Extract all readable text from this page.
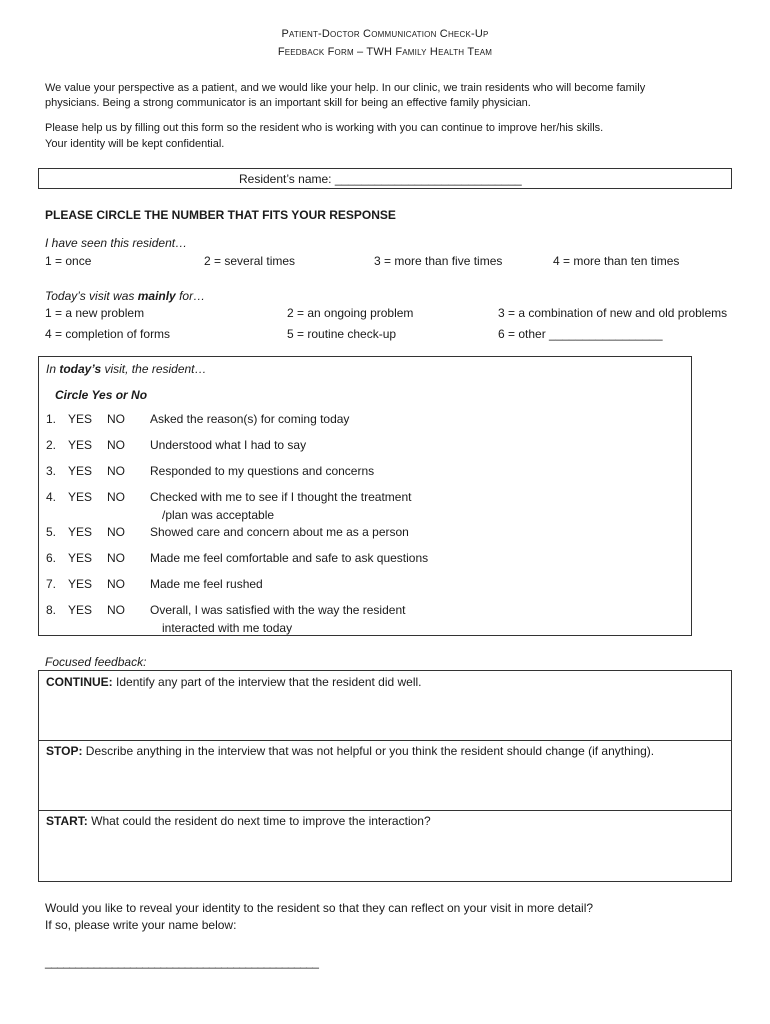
Patient-Doctor Communication Check-Up
Feedback Form – TWH Family Health Team
We value your perspective as a patient, and we would like your help. In our clinic, we train residents who will become family
physicians. Being a strong communicator is an important skill for being an effective family physician.
Please help us by filling out this form so the resident who is working with you can continue to improve her/his skills.
Your identity will be kept confidential.
Resident’s name: ____________________________
PLEASE CIRCLE THE NUMBER THAT FITS YOUR RESPONSE
I have seen this resident…
1 = once	2 = several times	3 = more than five times	4 = more than ten times
Today’s visit was mainly for…
1 = a new problem	2 = an ongoing problem	3 = a combination of new and old problems
4 = completion of forms	5 = routine check-up	6 = other _________________
In today’s visit, the resident…
Circle Yes or No
1. YES NO Asked the reason(s) for coming today
2. YES NO Understood what I had to say
3. YES NO Responded to my questions and concerns
4. YES NO Checked with me to see if I thought the treatment
/plan was acceptable
5. YES NO Showed care and concern about me as a person
6. YES NO Made me feel comfortable and safe to ask questions
7. YES NO Made me feel rushed
8. YES NO Overall, I was satisfied with the way the resident
interacted with me today
Focused feedback:
CONTINUE: Identify any part of the interview that the resident did well.
STOP: Describe anything in the interview that was not helpful or you think the resident should change (if anything).
START: What could the resident do next time to improve the interaction?
Would you like to reveal your identity to the resident so that they can reflect on your visit in more detail?
If so, please write your name below:
_____________________________________________
